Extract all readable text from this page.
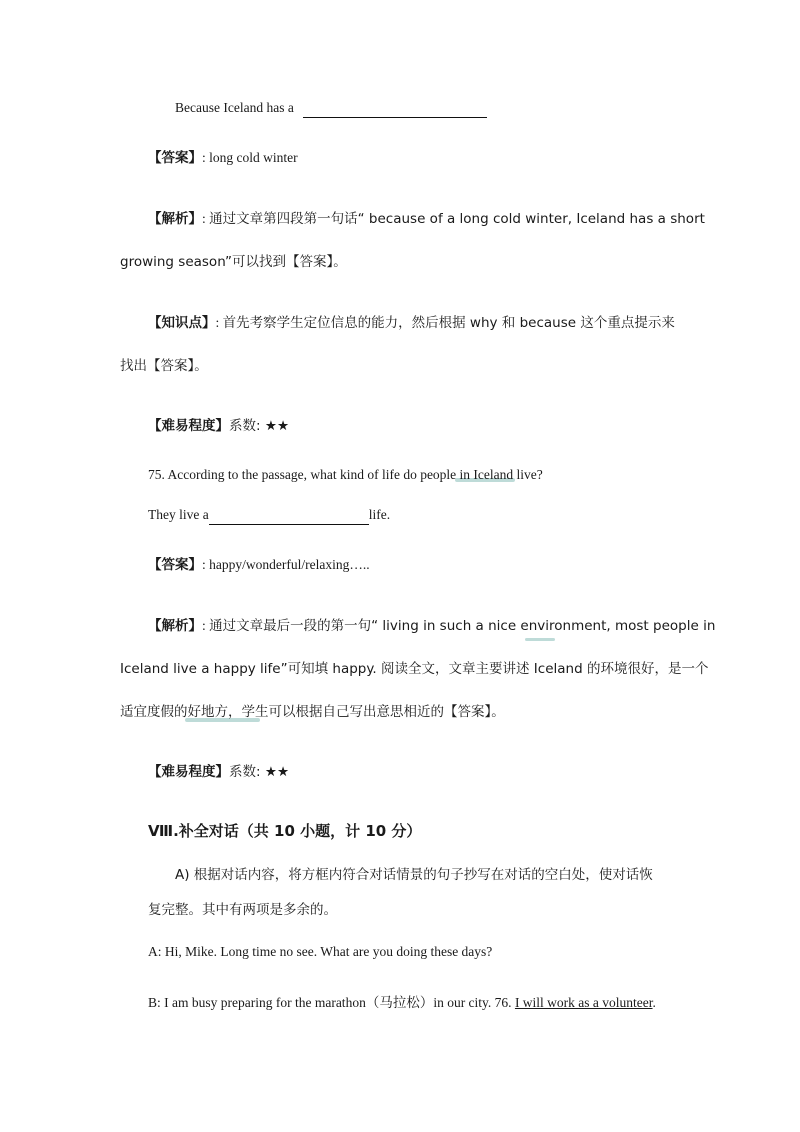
Because Iceland has a
【答案】: long cold winter
【解析】: 通过文章第四段第一句话“ because of a long cold winter, Iceland has a short
growing season”可以找到【答案】。
【知识点】: 首先考察学生定位信息的能力，然后根据 why 和 because 这个重点提示来
找出【答案】。
【难易程度】系数: ★★
75. According to the passage, what kind of life do people in Iceland live?
They live a	life.
【答案】: happy/wonderful/relaxing…..
【解析】: 通过文章最后一段的第一句“ living in such a nice environment, most people in
Iceland live a happy life”可知填 happy. 阅读全文，文章主要讲述 Iceland 的环境很好，是一个
适宜度假的好地方，学生可以根据自己写出意思相近的【答案】。
【难易程度】系数: ★★
Ⅷ.补全对话（共 10 小题，计 10 分）
A) 根据对话内容，将方框内符合对话情景的句子抄写在对话的空白处，使对话恢
复完整。其中有两项是多余的。
A: Hi, Mike. Long time no see. What are you doing these days?
B: I am busy preparing for the marathon（马拉松）in our city. 76. I will work as a volunteer.
